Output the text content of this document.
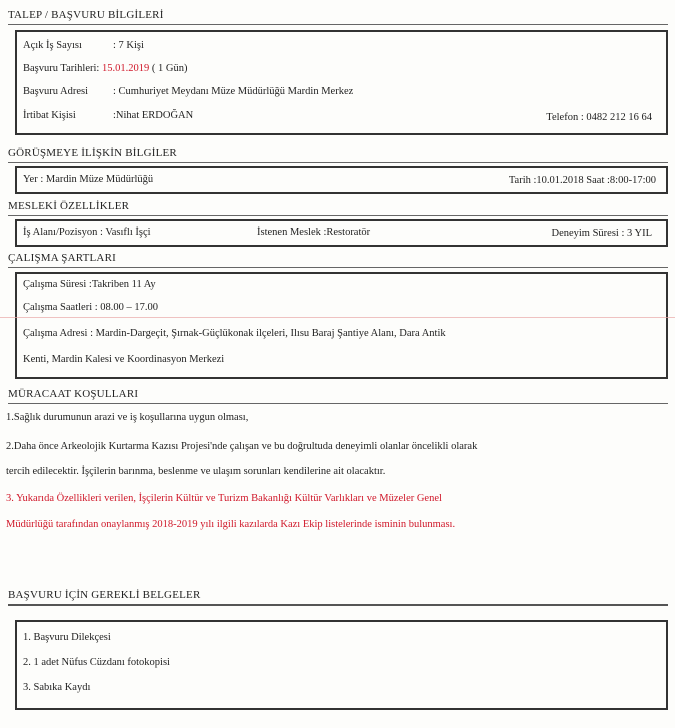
TALEP / BAŞVURU BİLGİLERİ
Açık İş Sayısı	: 7 Kişi
Başvuru Tarihleri: 15.01.2019 ( 1 Gün)
Başvuru Adresi : Cumhuriyet Meydanı Müze Müdürlüğü Mardin Merkez
İrtibat Kişisi	:Nihat ERDOĞAN	Telefon : 0482 212 16 64
GÖRÜŞMEYE İLİŞKİN BİLGİLER
Yer : Mardin Müze Müdürlüğü	Tarih :10.01.2018 Saat :8:00-17:00
MESLEKİ ÖZELLİKLER
İş Alanı/Pozisyon : Vasıflı İşçi	İstenen Meslek :Restoratör	Deneyim Süresi : 3 YIL
ÇALIŞMA ŞARTLARI
Çalışma Süresi :Takriben 11 Ay
Çalışma Saatleri : 08.00 – 17.00
Çalışma Adresi : Mardin-Dargeçit, Şırnak-Güçlükonak ilçeleri, Ilısu Baraj Şantiye Alanı, Dara Antik
Kenti, Mardin Kalesi ve Koordinasyon Merkezi
MÜRACAAT KOŞULLARI
1.Sağlık durumunun arazi ve iş koşullarına uygun olması,
2.Daha önce Arkeolojik Kurtarma Kazısı Projesi'nde çalışan ve bu doğrultuda deneyimli olanlar öncelikli olarak
tercih edilecektir. İşçilerin barınma, beslenme ve ulaşım sorunları kendilerine ait olacaktır.
3. Yukarıda Özellikleri verilen, İşçilerin Kültür ve Turizm Bakanlığı Kültür Varlıkları ve Müzeler Genel
Müdürlüğü tarafından onaylanmış 2018-2019 yılı ilgili kazılarda Kazı Ekip listelerinde isminin bulunması.
BAŞVURU İÇİN GEREKLİ BELGELER
1. Başvuru Dilekçesi
2. 1 adet Nüfus Cüzdanı fotokopisi
3. Sabıka Kaydı
